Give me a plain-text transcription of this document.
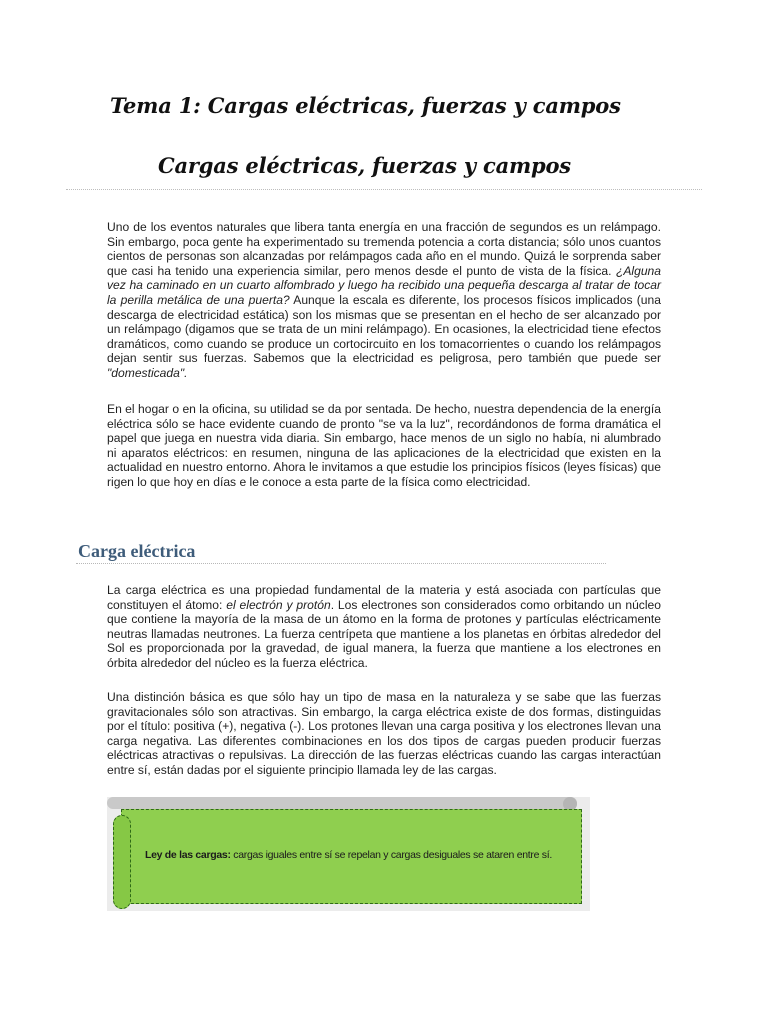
Tema 1: Cargas eléctricas, fuerzas y campos
Cargas eléctricas, fuerzas y campos

Uno de los eventos naturales que libera tanta energía en una fracción de segundos es un relámpago. Sin embargo, poca gente ha experimentado su tremenda potencia a corta distancia; sólo unos cuantos cientos de personas son alcanzadas por relámpagos cada año en el mundo. Quizá le sorprenda saber que casi ha tenido una experiencia similar, pero menos desde el punto de vista de la física. ¿Alguna vez ha caminado en un cuarto alfombrado y luego ha recibido una pequeña descarga al tratar de tocar la perilla metálica de una puerta? Aunque la escala es diferente, los procesos físicos implicados (una descarga de electricidad estática) son los mismas que se presentan en el hecho de ser alcanzado por un relámpago (digamos que se trata de un mini relámpago). En ocasiones, la electricidad tiene efectos dramáticos, como cuando se produce un cortocircuito en los tomacorrientes o cuando los relámpagos dejan sentir sus fuerzas. Sabemos que la electricidad es peligrosa, pero también que puede ser "domesticada".

En el hogar o en la oficina, su utilidad se da por sentada. De hecho, nuestra dependencia de la energía eléctrica sólo se hace evidente cuando de pronto "se va la luz", recordándonos de forma dramática el papel que juega en nuestra vida diaria. Sin embargo, hace menos de un siglo no había, ni alumbrado ni aparatos eléctricos: en resumen, ninguna de las aplicaciones de la electricidad que existen en la actualidad en nuestro entorno. Ahora le invitamos a que estudie los principios físicos (leyes físicas) que rigen lo que hoy en días e le conoce a esta parte de la física como electricidad.

Carga eléctrica

La carga eléctrica es una propiedad fundamental de la materia y está asociada con partículas que constituyen el átomo: el electrón y protón. Los electrones son considerados como orbitando un núcleo que contiene la mayoría de la masa de un átomo en la forma de protones y partículas eléctricamente neutras llamadas neutrones. La fuerza centrípeta que mantiene a los planetas en órbitas alrededor del Sol es proporcionada por la gravedad, de igual manera, la fuerza que mantiene a los electrones en órbita alrededor del núcleo es la fuerza eléctrica.

Una distinción básica es que sólo hay un tipo de masa en la naturaleza y se sabe que las fuerzas gravitacionales sólo son atractivas. Sin embargo, la carga eléctrica existe de dos formas, distinguidas por el título: positiva (+), negativa (-). Los protones llevan una carga positiva y los electrones llevan una carga negativa. Las diferentes combinaciones en los dos tipos de cargas pueden producir fuerzas eléctricas atractivas o repulsivas. La dirección de las fuerzas eléctricas cuando las cargas interactúan entre sí, están dadas por el siguiente principio llamada ley de las cargas.

Ley de las cargas: cargas iguales entre sí se repelan y cargas desiguales se ataren entre sí.
